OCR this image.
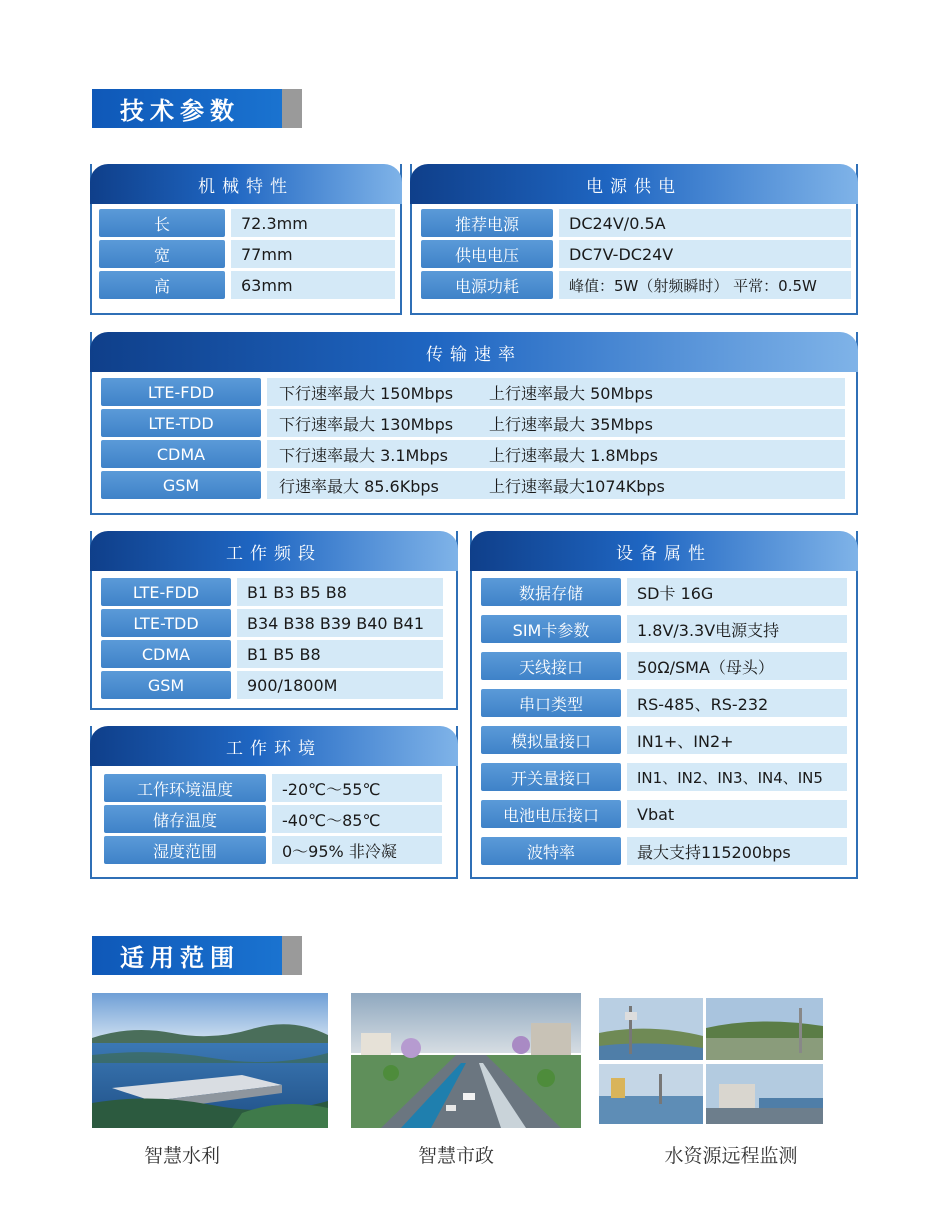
技术参数
机械特性
长	72.3mm
宽	77mm
高	63mm
电源供电
推荐电源	DC24V/0.5A
供电电压	DC7V-DC24V
电源功耗	峰值：5W（射频瞬时） 平常：0.5W
传输速率
LTE-FDD	下行速率最大 150Mbps	上行速率最大 50Mbps
LTE-TDD	下行速率最大 130Mbps	上行速率最大 35Mbps
CDMA	下行速率最大 3.1Mbps	上行速率最大 1.8Mbps
GSM	行速率最大 85.6Kbps	上行速率最大1074Kbps
工作频段
LTE-FDD	B1 B3 B5 B8
LTE-TDD	B34 B38 B39 B40 B41
CDMA	B1 B5 B8
GSM	900/1800M
工作环境
工作环境温度	-20℃～55℃
储存温度	-40℃～85℃
湿度范围	0～95% 非冷凝
设备属性
数据存储	SD卡 16G
SIM卡参数	1.8V/3.3V电源支持
天线接口	50Ω/SMA（母头）
串口类型	RS-485、RS-232
模拟量接口	IN1+、IN2+
开关量接口	IN1、IN2、IN3、IN4、IN5
电池电压接口	Vbat
波特率	最大支持115200bps
适用范围
智慧水利	智慧市政	水资源远程监测
